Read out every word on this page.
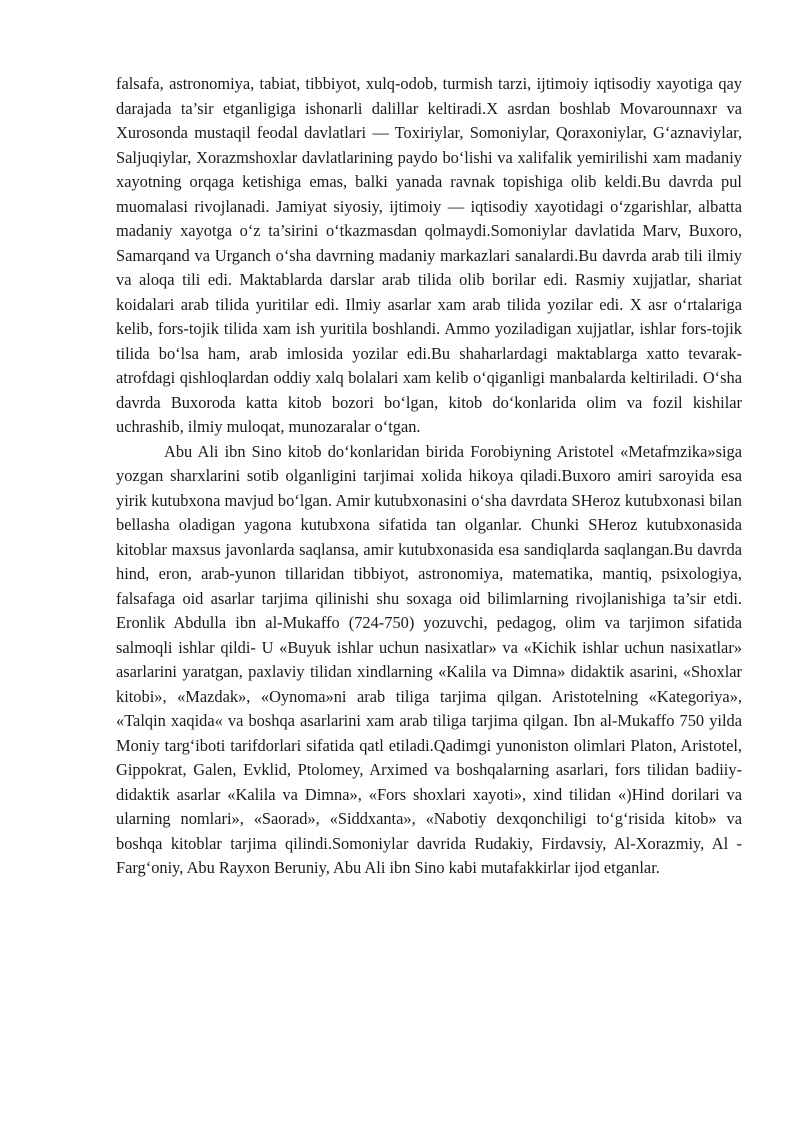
falsafa, astronomiya, tabiat, tibbiyot, xulq-odob, turmish tarzi, ijtimoiy iqtisodiy xayotiga qay darajada ta’sir etganligiga ishonarli dalillar keltiradi.X asrdan boshlab Movarounnaxr va Xurosonda mustaqil feodal davlatlari — Toxiriylar, Somoniylar, Qoraxoniylar, G‘aznaviylar, Saljuqiylar, Xorazmshoxlar davlatlarining paydo bo‘lishi va xalifalik yemirilishi xam madaniy xayotning orqaga ketishiga emas, balki yanada ravnak topishiga olib keldi.Bu davrda pul muomalasi rivojlanadi. Jamiyat siyosiy, ijtimoiy — iqtisodiy xayotidagi o‘zgarishlar, albatta madaniy xayotga o‘z ta’sirini o‘tkazmasdan qolmaydi.Somoniylar davlatida Marv, Buxoro, Samarqand va Urganch o‘sha davrning madaniy markazlari sanalardi.Bu davrda arab tili ilmiy va aloqa tili edi. Maktablarda darslar arab tilida olib borilar edi. Rasmiy xujjatlar, shariat koidalari arab tilida yuritilar edi. Ilmiy asarlar xam arab tilida yozilar edi. X asr o‘rtalariga kelib, fors-tojik tilida xam ish yuritila boshlandi. Ammo yoziladigan xujjatlar, ishlar fors-tojik tilida bo‘lsa ham, arab imlosida yozilar edi.Bu shaharlardagi maktablarga xatto tevarak-atrofdagi qishloqlardan oddiy xalq bolalari xam kelib o‘qiganligi manbalarda keltiriladi. O‘sha davrda Buxoroda katta kitob bozori bo‘lgan, kitob do‘konlarida olim va fozil kishilar uchrashib, ilmiy muloqat, munozaralar o‘tgan.

Abu Ali ibn Sino kitob do‘konlaridan birida Forobiyning Aristotel «Metafmzika»siga yozgan sharxlarini sotib olganligini tarjimai xolida hikoya qiladi.Buxoro amiri saroyida esa yirik kutubxona mavjud bo‘lgan. Amir kutubxonasini o‘sha davrdata SHeroz kutubxonasi bilan bellasha oladigan yagona kutubxona sifatida tan olganlar. Chunki SHeroz kutubxonasida kitoblar maxsus javonlarda saqlansa, amir kutubxonasida esa sandiqlarda saqlangan.Bu davrda hind, eron, arab-yunon tillaridan tibbiyot, astronomiya, matematika, mantiq, psixologiya, falsafaga oid asarlar tarjima qilinishi shu soxaga oid bilimlarning rivojlanishiga ta’sir etdi. Eronlik Abdulla ibn al-Mukaffo (724-750) yozuvchi, pedagog, olim va tarjimon sifatida salmoqli ishlar qildi- U «Buyuk ishlar uchun nasixatlar» va «Kichik ishlar uchun nasixatlar» asarlarini yaratgan, paxlaviy tilidan xindlarning «Kalila va Dimna» didaktik asarini, «Shoxlar kitobi», «Mazdak», «Oynoma»ni arab tiliga tarjima qilgan. Aristotelning «Kategoriya», «Talqin xaqida« va boshqa asarlarini xam arab tiliga tarjima qilgan. Ibn al-Mukaffo 750 yilda Moniy targ‘iboti tarifdorlari sifatida qatl etiladi.Qadimgi yunoniston olimlari Platon, Aristotel, Gippokrat, Galen, Evklid, Ptolomey, Arximed va boshqalarning asarlari, fors tilidan badiiy-didaktik asarlar «Kalila va Dimna», «Fors shoxlari xayoti», xind tilidan «)Hind dorilari va ularning nomlari», «Saorad», «Siddxanta», «Nabotiy dexqonchiligi to‘g‘risida kitob» va boshqa kitoblar tarjima qilindi.Somoniylar davrida Rudakiy, Firdavsiy, Al-Xorazmiy, Al - Farg‘oniy, Abu Rayxon Beruniy, Abu Ali ibn Sino kabi mutafakkirlar ijod etganlar.
